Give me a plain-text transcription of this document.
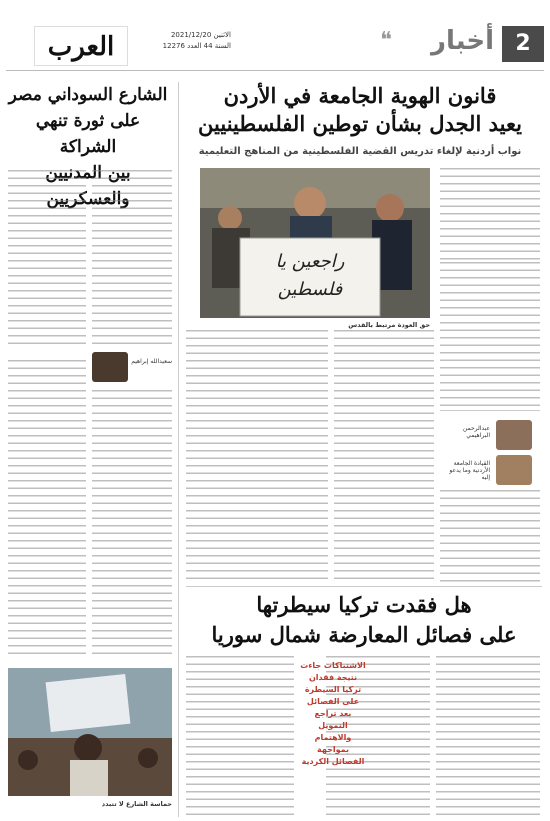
العرب	الاثنين 2021/12/20
السنة 44 العدد 12276	❝ أخبار 2
قانون الهوية الجامعة في الأردن
يعيد الجدل بشأن توطين الفلسطينيين
نواب أردنية لإلغاء تدريس القضية الفلسطينية من المناهج التعليمية
الشارع السوداني مصر
على ثورة تنهي الشراكة
بين المدنيين والعسكريين
راجعين يا فلسطين
حق العودة مرتبط بالقدس
عبدالرحمن البراهيمي
القيادة الجامعة الأردنية وما يدعو إليه
سعيدالله إبراهيم
حماسة الشارع لا تتبدد
هل فقدت تركيا سيطرتها
على فصائل المعارضة شمال سوريا
الاشتباكات جاءت نتيجة فقدان تركيا السيطرة على الفصائل بعد تراجع التمويل والاهتمام بمواجهة الفصائل الكردية
